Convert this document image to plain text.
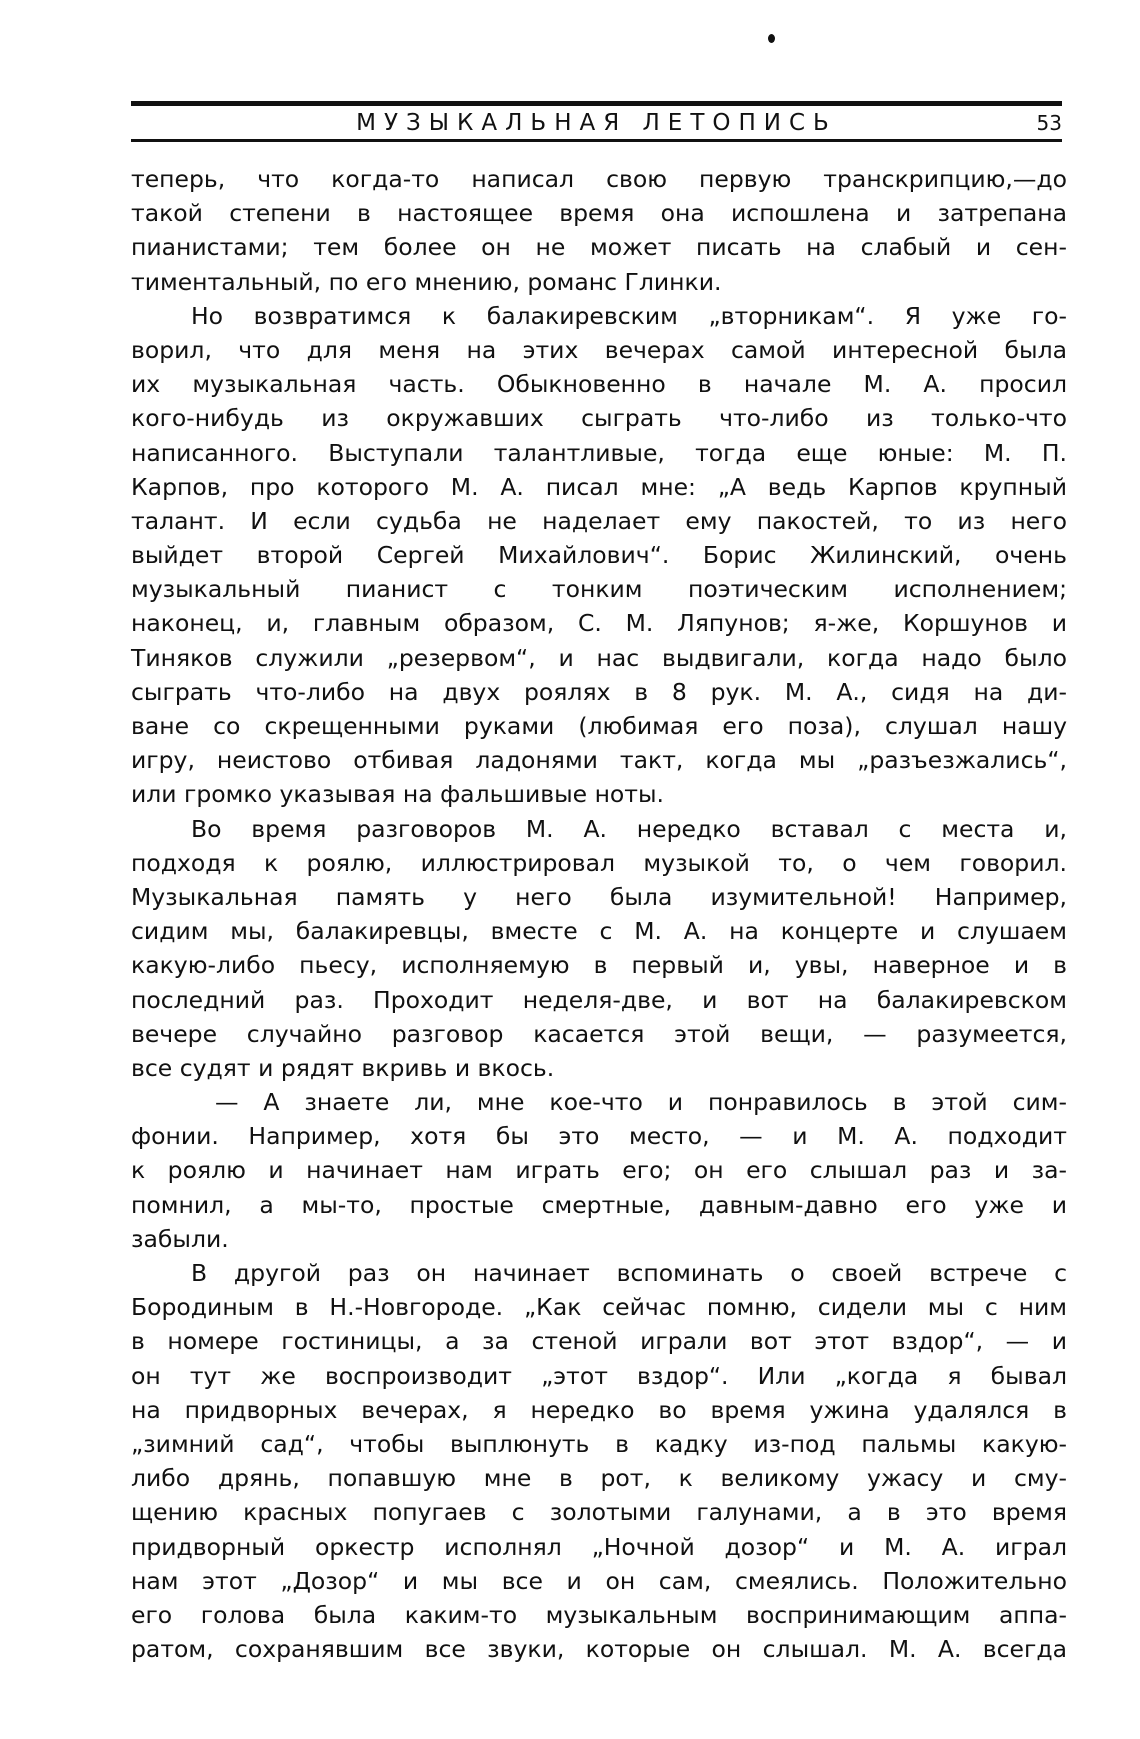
МУЗЫКАЛЬНАЯ ЛЕТОПИСЬ	53
теперь, что когда-то написал свою первую транскрипцию,—до
такой степени в настоящее время она испошлена и затрепана
пианистами; тем более он не может писать на слабый и сен-
тиментальный, по его мнению, романс Глинки.
Но возвратимся к балакиревским „вторникам“. Я уже го-
ворил, что для меня на этих вечерах самой интересной была
их музыкальная часть. Обыкновенно в начале М. А. просил
кого-нибудь из окружавших сыграть что-либо из только-что
написанного. Выступали талантливые, тогда еще юные: М. П.
Карпов, про которого М. А. писал мне: „А ведь Карпов крупный
талант. И если судьба не наделает ему пакостей, то из него
выйдет второй Сергей Михайлович“. Борис Жилинский, очень
музыкальный пианист с тонким поэтическим исполнением;
наконец, и, главным образом, С. М. Ляпунов; я-же, Коршунов и
Тиняков служили „резервом“, и нас выдвигали, когда надо было
сыграть что-либо на двух роялях в 8 рук. М. А., сидя на ди-
ване со скрещенными руками (любимая его поза), слушал нашу
игру, неистово отбивая ладонями такт, когда мы „разъезжались“,
или громко указывая на фальшивые ноты.
Во время разговоров М. А. нередко вставал с места и,
подходя к роялю, иллюстрировал музыкой то, о чем говорил.
Музыкальная память у него была изумительной! Например,
сидим мы, балакиревцы, вместе с М. А. на концерте и слушаем
какую-либо пьесу, исполняемую в первый и, увы, наверное и в
последний раз. Проходит неделя-две, и вот на балакиревском
вечере случайно разговор касается этой вещи, — разумеется,
все судят и рядят вкривь и вкось.
— А знаете ли, мне кое-что и понравилось в этой сим-
фонии. Например, хотя бы это место, — и М. А. подходит
к роялю и начинает нам играть его; он его слышал раз и за-
помнил, а мы-то, простые смертные, давным-давно его уже и
забыли.
В другой раз он начинает вспоминать о своей встрече с
Бородиным в Н.-Новгороде. „Как сейчас помню, сидели мы с ним
в номере гостиницы, а за стеной играли вот этот вздор“, — и
он тут же воспроизводит „этот вздор“. Или „когда я бывал
на придворных вечерах, я нередко во время ужина удалялся в
„зимний сад“, чтобы выплюнуть в кадку из-под пальмы какую-
либо дрянь, попавшую мне в рот, к великому ужасу и сму-
щению красных попугаев с золотыми галунами, а в это время
придворный оркестр исполнял „Ночной дозор“ и М. А. играл
нам этот „Дозор“ и мы все и он сам, смеялись. Положительно
его голова была каким-то музыкальным воспринимающим аппа-
ратом, сохранявшим все звуки, которые он слышал. М. А. всегда
